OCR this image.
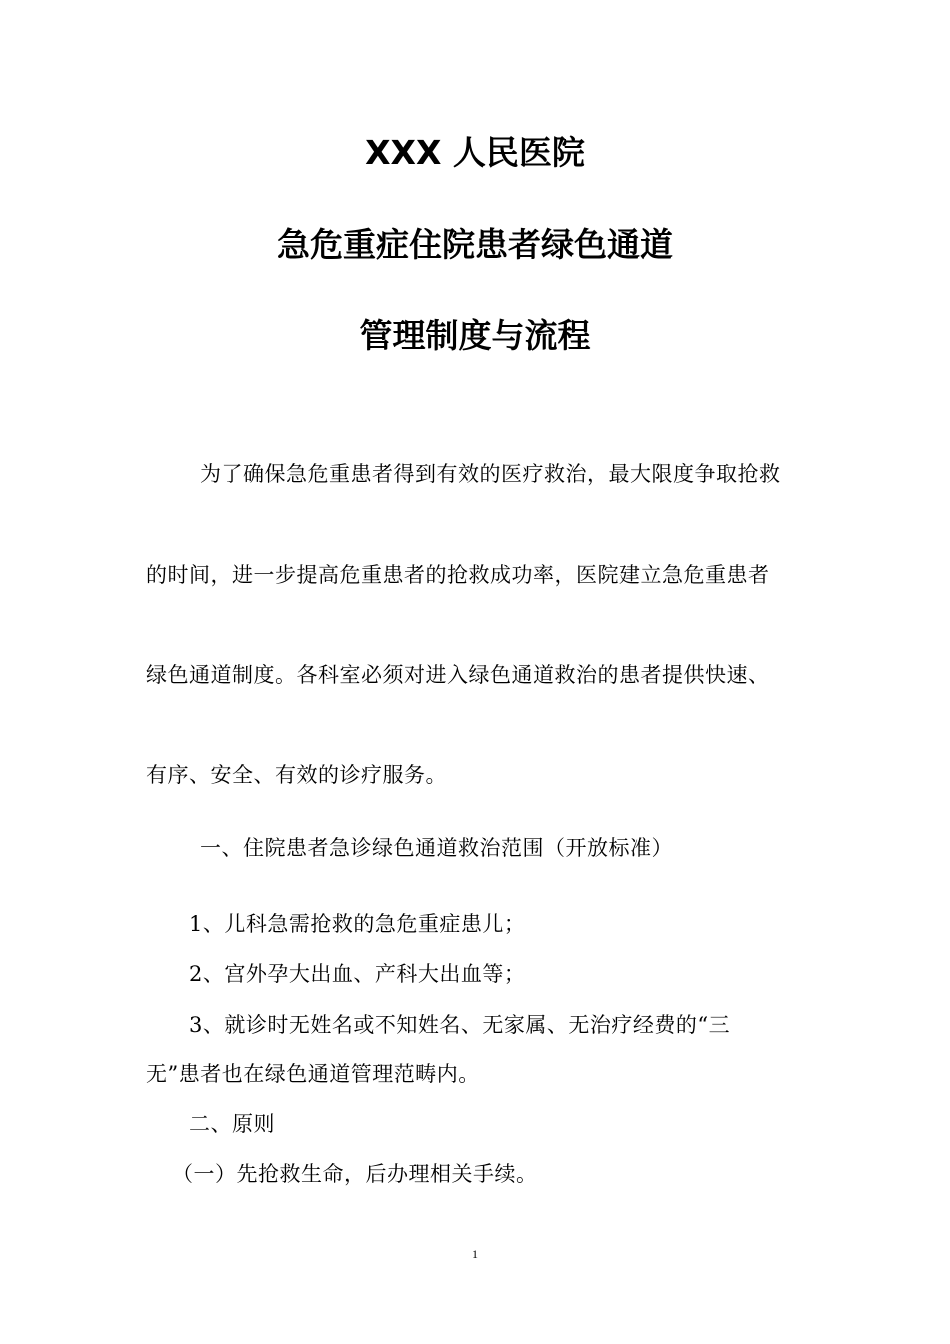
XXX 人民医院
急危重症住院患者绿色通道
管理制度与流程
为了确保急危重患者得到有效的医疗救治，最大限度争取抢救
的时间，进一步提高危重患者的抢救成功率，医院建立急危重患者
绿色通道制度。各科室必须对进入绿色通道救治的患者提供快速、
有序、安全、有效的诊疗服务。
一、住院患者急诊绿色通道救治范围（开放标准）
1、儿科急需抢救的急危重症患儿；
2、宫外孕大出血、产科大出血等；
3、就诊时无姓名或不知姓名、无家属、无治疗经费的“三
无”患者也在绿色通道管理范畴内。
二、原则
（一）先抢救生命，后办理相关手续。
1
